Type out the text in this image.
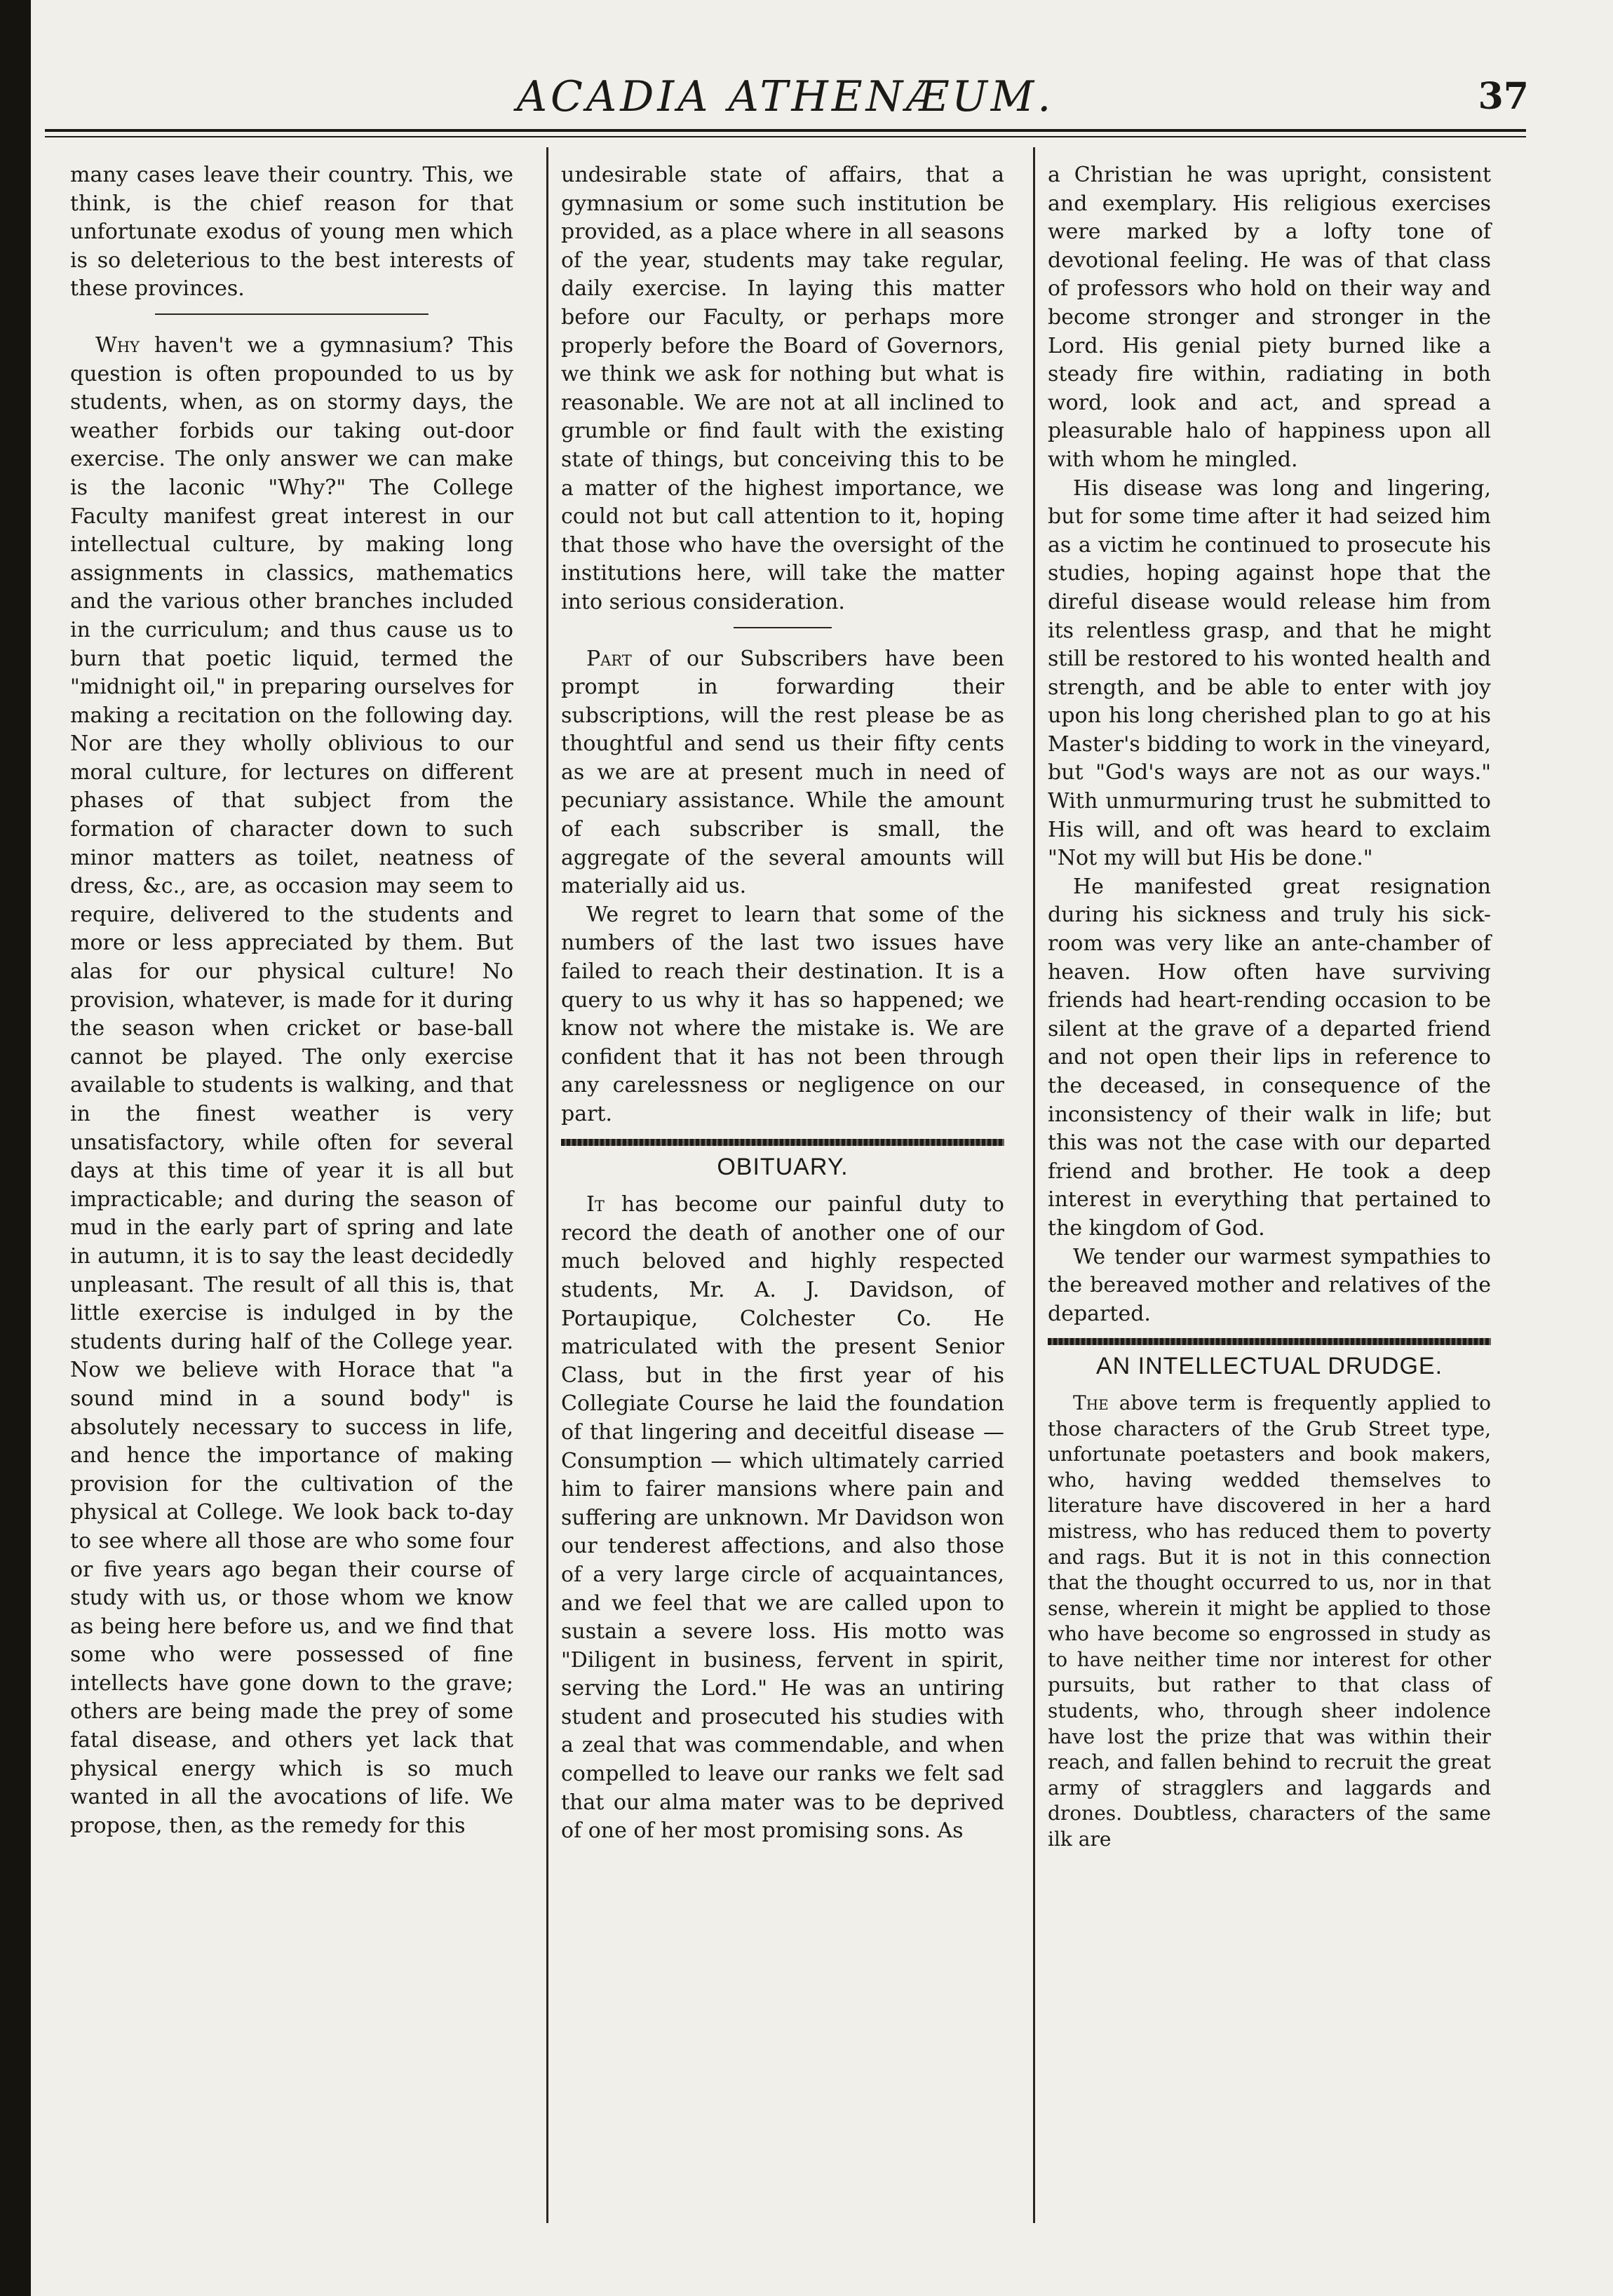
ACADIA ATHENÆUM.	37

many cases leave their country. This, we think, is the chief reason for that unfortunate exodus of young men which is so deleterious to the best interests of these provinces.

Why haven't we a gymnasium? This question is often propounded to us by students, when, as on stormy days, the weather forbids our taking out-door exercise. The only answer we can make is the laconic "Why?" The College Faculty manifest great interest in our intellectual culture, by making long assignments in classics, mathematics and the various other branches included in the curriculum; and thus cause us to burn that poetic liquid, termed the "midnight oil," in preparing ourselves for making a recitation on the following day. Nor are they wholly oblivious to our moral culture, for lectures on different phases of that subject from the formation of character down to such minor matters as toilet, neatness of dress, &c., are, as occasion may seem to require, delivered to the students and more or less appreciated by them. But alas for our physical culture! No provision, whatever, is made for it during the season when cricket or base-ball cannot be played. The only exercise available to students is walking, and that in the finest weather is very unsatisfactory, while often for several days at this time of year it is all but impracticable; and during the season of mud in the early part of spring and late in autumn, it is to say the least decidedly unpleasant. The result of all this is, that little exercise is indulged in by the students during half of the College year. Now we believe with Horace that "a sound mind in a sound body" is absolutely necessary to success in life, and hence the importance of making provision for the cultivation of the physical at College. We look back to-day to see where all those are who some four or five years ago began their course of study with us, or those whom we know as being here before us, and we find that some who were possessed of fine intellects have gone down to the grave; others are being made the prey of some fatal disease, and others yet lack that physical energy which is so much wanted in all the avocations of life. We propose, then, as the remedy for this

undesirable state of affairs, that a gymnasium or some such institution be provided, as a place where in all seasons of the year, students may take regular, daily exercise. In laying this matter before our Faculty, or perhaps more properly before the Board of Governors, we think we ask for nothing but what is reasonable. We are not at all inclined to grumble or find fault with the existing state of things, but conceiving this to be a matter of the highest importance, we could not but call attention to it, hoping that those who have the oversight of the institutions here, will take the matter into serious consideration.

Part of our Subscribers have been prompt in forwarding their subscriptions, will the rest please be as thoughtful and send us their fifty cents as we are at present much in need of pecuniary assistance. While the amount of each subscriber is small, the aggregate of the several amounts will materially aid us.

We regret to learn that some of the numbers of the last two issues have failed to reach their destination. It is a query to us why it has so happened; we know not where the mistake is. We are confident that it has not been through any carelessness or negligence on our part.

OBITUARY.

It has become our painful duty to record the death of another one of our much beloved and highly respected students, Mr. A. J. Davidson, of Portaupique, Colchester Co. He matriculated with the present Senior Class, but in the first year of his Collegiate Course he laid the foundation of that lingering and deceitful disease — Consumption — which ultimately carried him to fairer mansions where pain and suffering are unknown. Mr Davidson won our tenderest affections, and also those of a very large circle of acquaintances, and we feel that we are called upon to sustain a severe loss. His motto was "Diligent in business, fervent in spirit, serving the Lord." He was an untiring student and prosecuted his studies with a zeal that was commendable, and when compelled to leave our ranks we felt sad that our alma mater was to be deprived of one of her most promising sons. As

a Christian he was upright, consistent and exemplary. His religious exercises were marked by a lofty tone of devotional feeling. He was of that class of professors who hold on their way and become stronger and stronger in the Lord. His genial piety burned like a steady fire within, radiating in both word, look and act, and spread a pleasurable halo of happiness upon all with whom he mingled.

His disease was long and lingering, but for some time after it had seized him as a victim he continued to prosecute his studies, hoping against hope that the direful disease would release him from its relentless grasp, and that he might still be restored to his wonted health and strength, and be able to enter with joy upon his long cherished plan to go at his Master's bidding to work in the vineyard, but "God's ways are not as our ways." With unmurmuring trust he submitted to His will, and oft was heard to exclaim "Not my will but His be done."

He manifested great resignation during his sickness and truly his sick-room was very like an ante-chamber of heaven. How often have surviving friends had heart-rending occasion to be silent at the grave of a departed friend and not open their lips in reference to the deceased, in consequence of the inconsistency of their walk in life; but this was not the case with our departed friend and brother. He took a deep interest in everything that pertained to the kingdom of God.

We tender our warmest sympathies to the bereaved mother and relatives of the departed.

AN INTELLECTUAL DRUDGE.

The above term is frequently applied to those characters of the Grub Street type, unfortunate poetasters and book makers, who, having wedded themselves to literature have discovered in her a hard mistress, who has reduced them to poverty and rags. But it is not in this connection that the thought occurred to us, nor in that sense, wherein it might be applied to those who have become so engrossed in study as to have neither time nor interest for other pursuits, but rather to that class of students, who, through sheer indolence have lost the prize that was within their reach, and fallen behind to recruit the great army of stragglers and laggards and drones. Doubtless, characters of the same ilk are
